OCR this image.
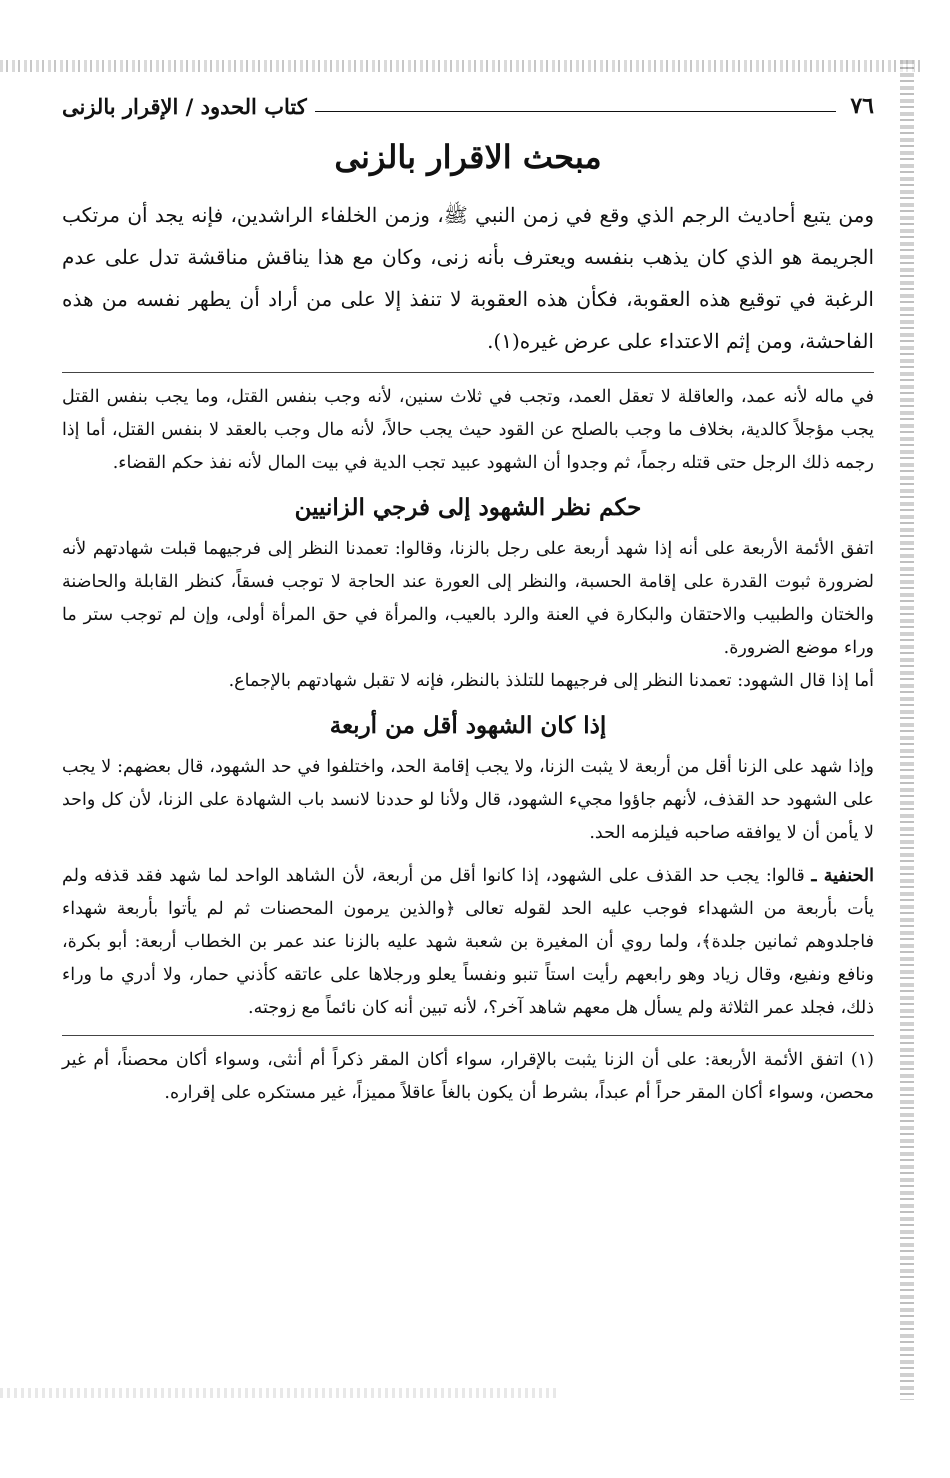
٧٦
كتاب الحدود / الإقرار بالزنى
مبحث الاقرار بالزنى

ومن يتبع أحاديث الرجم الذي وقع في زمن النبي ﷺ، وزمن الخلفاء الراشدين، فإنه يجد أن مرتكب الجريمة هو الذي كان يذهب بنفسه ويعترف بأنه زنى، وكان مع هذا يناقش مناقشة تدل على عدم الرغبة في توقيع هذه العقوبة، فكأن هذه العقوبة لا تنفذ إلا على من أراد أن يطهر نفسه من هذه الفاحشة، ومن إثم الاعتداء على عرض غيره(١).

في ماله لأنه عمد، والعاقلة لا تعقل العمد، وتجب في ثلاث سنين، لأنه وجب بنفس القتل، وما يجب بنفس القتل يجب مؤجلاً كالدية، بخلاف ما وجب بالصلح عن القود حيث يجب حالاً، لأنه مال وجب بالعقد لا بنفس القتل، أما إذا رجمه ذلك الرجل حتى قتله رجماً، ثم وجدوا أن الشهود عبيد تجب الدية في بيت المال لأنه نفذ حكم القضاء.

حكم نظر الشهود إلى فرجي الزانيين

اتفق الأئمة الأربعة على أنه إذا شهد أربعة على رجل بالزنا، وقالوا: تعمدنا النظر إلى فرجيهما قبلت شهادتهم لأنه لضرورة ثبوت القدرة على إقامة الحسبة، والنظر إلى العورة عند الحاجة لا توجب فسقاً، كنظر القابلة والحاضنة والختان والطبيب والاحتقان والبكارة في العنة والرد بالعيب، والمرأة في حق المرأة أولى، وإن لم توجب ستر ما وراء موضع الضرورة.

أما إذا قال الشهود: تعمدنا النظر إلى فرجيهما للتلذذ بالنظر، فإنه لا تقبل شهادتهم بالإجماع.

إذا كان الشهود أقل من أربعة

وإذا شهد على الزنا أقل من أربعة لا يثبت الزنا، ولا يجب إقامة الحد، واختلفوا في حد الشهود، قال بعضهم: لا يجب على الشهود حد القذف، لأنهم جاؤوا مجيء الشهود، قال ولأنا لو حددنا لانسد باب الشهادة على الزنا، لأن كل واحد لا يأمن أن لا يوافقه صاحبه فيلزمه الحد.

الحنفية ـ قالوا: يجب حد القذف على الشهود، إذا كانوا أقل من أربعة، لأن الشاهد الواحد لما شهد فقد قذفه ولم يأت بأربعة من الشهداء فوجب عليه الحد لقوله تعالى ﴿والذين يرمون المحصنات ثم لم يأتوا بأربعة شهداء فاجلدوهم ثمانين جلدة﴾، ولما روي أن المغيرة بن شعبة شهد عليه بالزنا عند عمر بن الخطاب أربعة: أبو بكرة، ونافع ونفيع، وقال زياد وهو رابعهم رأيت استاً تنبو ونفساً يعلو ورجلاها على عاتقه كأذني حمار، ولا أدري ما وراء ذلك، فجلد عمر الثلاثة ولم يسأل هل معهم شاهد آخر؟، لأنه تبين أنه كان نائماً مع زوجته.

(١) اتفق الأئمة الأربعة: على أن الزنا يثبت بالإقرار، سواء أكان المقر ذكراً أم أنثى، وسواء أكان محصناً، أم غير محصن، وسواء أكان المقر حراً أم عبداً، بشرط أن يكون بالغاً عاقلاً مميزاً، غير مستكره على إقراره.
